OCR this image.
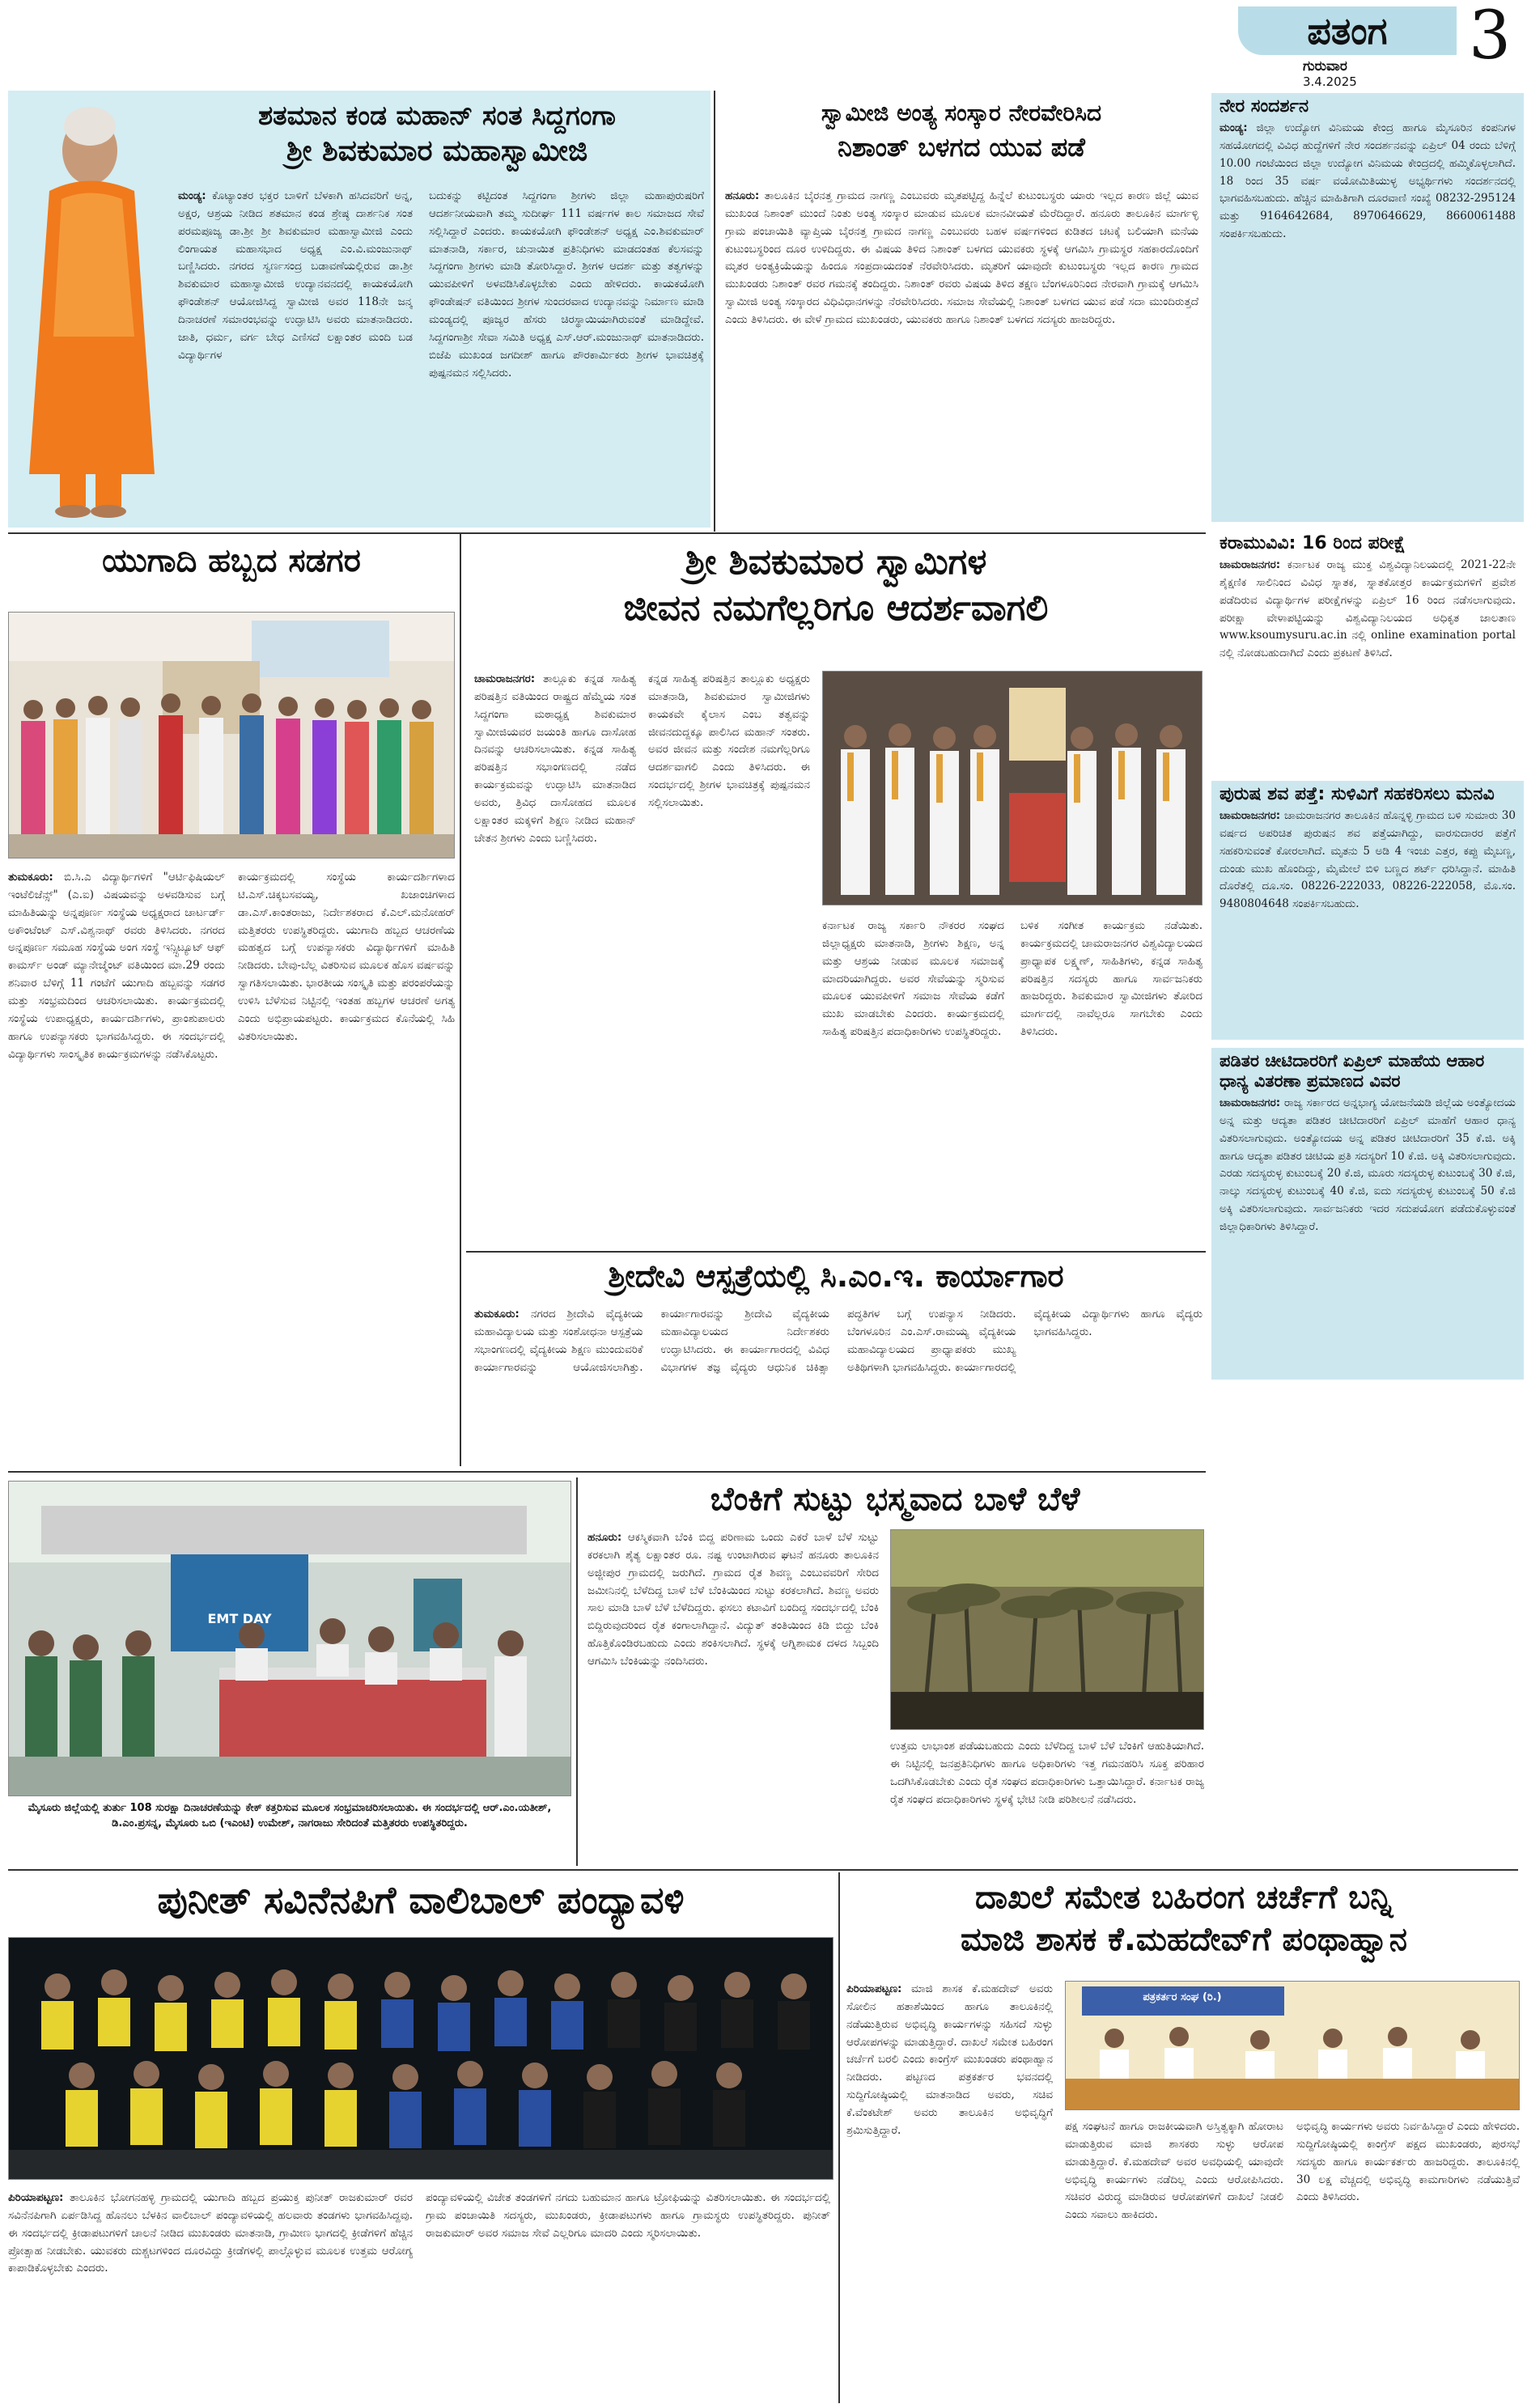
ಪತಂಗ
ಗುರುವಾರ
3.4.2025
3
ಶತಮಾನ ಕಂಡ ಮಹಾನ್ ಸಂತ ಸಿದ್ದಗಂಗಾ
ಶ್ರೀ ಶಿವಕುಮಾರ ಮಹಾಸ್ವಾಮೀಜಿ
ಮಂಡ್ಯ: ಕೊಟ್ಯಾಂತರ ಭಕ್ತರ ಬಾಳಿಗೆ ಬೆಳಕಾಗಿ ಹಸಿದವರಿಗೆ ಅನ್ನ, ಅಕ್ಷರ, ಆಶ್ರಯ ನೀಡಿದ ಶತಮಾನ ಕಂಡ ಶ್ರೇಷ್ಠ ದಾರ್ಶನಿಕ ಸಂತ ಪರಮಪೂಜ್ಯ ಡಾ.ಶ್ರೀ ಶ್ರೀ ಶಿವಕುಮಾರ ಮಹಾಸ್ವಾಮೀಜಿ ಎಂದು ಲಿಂಗಾಯತ ಮಹಾಸಭಾದ ಅಧ್ಯಕ್ಷ ಎಂ.ವಿ.ಮಂಜುನಾಥ್ ಬಣ್ಣಿಸಿದರು. ನಗರದ ಸ್ವರ್ಣಸಂದ್ರ ಬಡಾವಣೆಯಲ್ಲಿರುವ ಡಾ.ಶ್ರೀ ಶಿವಕುಮಾರ ಮಹಾಸ್ವಾಮೀಜಿ ಉದ್ಯಾನವನದಲ್ಲಿ ಕಾಯಕಯೋಗಿ ಫೌಂಡೇಶನ್ ಆಯೋಜಿಸಿದ್ದ ಸ್ವಾಮೀಜಿ ಅವರ 118ನೇ ಜನ್ಮ ದಿನಾಚರಣೆ ಸಮಾರಂಭವನ್ನು ಉದ್ಘಾಟಿಸಿ ಅವರು ಮಾತನಾಡಿದರು. ಜಾತಿ, ಧರ್ಮ, ವರ್ಗ ಬೇಧ ಎಣಿಸದೆ ಲಕ್ಷಾಂತರ ಮಂದಿ ಬಡ ವಿದ್ಯಾರ್ಥಿಗಳ
ಬದುಕನ್ನು ಕಟ್ಟಿದಂತ ಸಿದ್ದಗಂಗಾ ಶ್ರೀಗಳು ಜಿಲ್ಲಾ ಮಹಾಪುರುಷರಿಗೆ ಆದರ್ಶನೀಯವಾಗಿ ತಮ್ಮ ಸುದೀರ್ಘ 111 ವರ್ಷಗಳ ಕಾಲ ಸಮಾಜದ ಸೇವೆ ಸಲ್ಲಿಸಿದ್ದಾರೆ ಎಂದರು. ಕಾಯಕಯೋಗಿ ಫೌಂಡೇಶನ್ ಅಧ್ಯಕ್ಷ ಎಂ.ಶಿವಕುಮಾರ್ ಮಾತನಾಡಿ, ಸರ್ಕಾರ, ಚುನಾಯಿತ ಪ್ರತಿನಿಧಿಗಳು ಮಾಡದಂತಹ ಕೆಲಸವನ್ನು ಸಿದ್ದಗಂಗಾ ಶ್ರೀಗಳು ಮಾಡಿ ತೋರಿಸಿದ್ದಾರೆ. ಶ್ರೀಗಳ ಆದರ್ಶ ಮತ್ತು ತತ್ವಗಳನ್ನು ಯುವಪೀಳಿಗೆ ಅಳವಡಿಸಿಕೊಳ್ಳಬೇಕು ಎಂದು ಹೇಳಿದರು. ಕಾಯಕಯೋಗಿ ಫೌಂಡೇಷನ್ ವತಿಯಿಂದ ಶ್ರೀಗಳ ಸುಂದರವಾದ ಉದ್ಯಾನವನ್ನು ನಿರ್ಮಾಣ ಮಾಡಿ ಮಂಡ್ಯದಲ್ಲಿ ಪೂಜ್ಯರ ಹೆಸರು ಚಿರಸ್ಥಾಯಿಯಾಗಿರುವಂತೆ ಮಾಡಿದ್ದೇವೆ. ಸಿದ್ದಗಂಗಾಶ್ರೀ ಸೇವಾ ಸಮಿತಿ ಅಧ್ಯಕ್ಷ ಎಸ್.ಆರ್.ಮಂಜುನಾಥ್ ಮಾತನಾಡಿದರು. ಬಿಜೆಪಿ ಮುಖಂಡ ಜಗದೀಶ್ ಹಾಗೂ ಪೌರಕಾರ್ಮಿಕರು ಶ್ರೀಗಳ ಭಾವಚಿತ್ರಕ್ಕೆ ಪುಷ್ಪನಮನ ಸಲ್ಲಿಸಿದರು.
ಸ್ವಾಮೀಜಿ ಅಂತ್ಯ ಸಂಸ್ಕಾರ ನೇರವೇರಿಸಿದ
ನಿಶಾಂತ್ ಬಳಗದ ಯುವ ಪಡೆ
ಹನೂರು: ತಾಲೂಕಿನ ಬೈರನತ್ತ ಗ್ರಾಮದ ನಾಗಣ್ಣ ಎಂಬುವರು ಮೃತಪಟ್ಟಿದ್ದ ಹಿನ್ನೆಲೆ ಕುಟುಂಬಸ್ಥರು ಯಾರು ಇಲ್ಲದ ಕಾರಣ ಜಿಲ್ಲೆ ಯುವ ಮುಖಂಡ ನಿಶಾಂತ್ ಮುಂದೆ ನಿಂತು ಅಂತ್ಯ ಸಂಸ್ಕಾರ ಮಾಡುವ ಮೂಲಕ ಮಾನವೀಯತೆ ಮೆರೆದಿದ್ದಾರೆ. ಹನೂರು ತಾಲೂಕಿನ ಮಾರ್ಗಳ್ಳಿ ಗ್ರಾಮ ಪಂಚಾಯಿತಿ ವ್ಯಾಪ್ತಿಯ ಬೈರನತ್ತ ಗ್ರಾಮದ ನಾಗಣ್ಣ ಎಂಬುವರು ಬಹಳ ವರ್ಷಗಳಿಂದ ಕುಡಿತದ ಚಟಕ್ಕೆ ಬಲಿಯಾಗಿ ಮನೆಯ ಕುಟುಂಬಸ್ಥರಿಂದ ದೂರ ಉಳಿದಿದ್ದರು. ಈ ವಿಷಯ ತಿಳಿದ ನಿಶಾಂತ್ ಬಳಗದ ಯುವಕರು ಸ್ಥಳಕ್ಕೆ ಆಗಮಿಸಿ ಗ್ರಾಮಸ್ಥರ ಸಹಕಾರದೊಂದಿಗೆ ಮೃತರ ಅಂತ್ಯಕ್ರಿಯೆಯನ್ನು ಹಿಂದೂ ಸಂಪ್ರದಾಯದಂತೆ ನೆರವೇರಿಸಿದರು. ಮೃತರಿಗೆ ಯಾವುದೇ ಕುಟುಂಬಸ್ಥರು ಇಲ್ಲದ ಕಾರಣ ಗ್ರಾಮದ ಮುಖಂಡರು ನಿಶಾಂತ್ ರವರ ಗಮನಕ್ಕೆ ತಂದಿದ್ದರು. ನಿಶಾಂತ್ ರವರು ವಿಷಯ ತಿಳಿದ ತಕ್ಷಣ ಬೆಂಗಳೂರಿನಿಂದ ನೇರವಾಗಿ ಗ್ರಾಮಕ್ಕೆ ಆಗಮಿಸಿ ಸ್ವಾಮೀಜಿ ಅಂತ್ಯ ಸಂಸ್ಕಾರದ ವಿಧಿವಿಧಾನಗಳನ್ನು ನೆರವೇರಿಸಿದರು. ಸಮಾಜ ಸೇವೆಯಲ್ಲಿ ನಿಶಾಂತ್ ಬಳಗದ ಯುವ ಪಡೆ ಸದಾ ಮುಂದಿರುತ್ತದೆ ಎಂದು ತಿಳಿಸಿದರು. ಈ ವೇಳೆ ಗ್ರಾಮದ ಮುಖಂಡರು, ಯುವಕರು ಹಾಗೂ ನಿಶಾಂತ್ ಬಳಗದ ಸದಸ್ಯರು ಹಾಜರಿದ್ದರು.
ನೇರ ಸಂದರ್ಶನ
ಮಂಡ್ಯ: ಜಿಲ್ಲಾ ಉದ್ಯೋಗ ವಿನಿಮಯ ಕೇಂದ್ರ ಹಾಗೂ ಮೈಸೂರಿನ ಕಂಪನಿಗಳ ಸಹಯೋಗದಲ್ಲಿ ವಿವಿಧ ಹುದ್ದೆಗಳಿಗೆ ನೇರ ಸಂದರ್ಶನವನ್ನು ಏಪ್ರಿಲ್ 04 ರಂದು ಬೆಳಿಗ್ಗೆ 10.00 ಗಂಟೆಯಿಂದ ಜಿಲ್ಲಾ ಉದ್ಯೋಗ ವಿನಿಮಯ ಕೇಂದ್ರದಲ್ಲಿ ಹಮ್ಮಿಕೊಳ್ಳಲಾಗಿದೆ. 18 ರಿಂದ 35 ವರ್ಷ ವಯೋಮಿತಿಯುಳ್ಳ ಅಭ್ಯರ್ಥಿಗಳು ಸಂದರ್ಶನದಲ್ಲಿ ಭಾಗವಹಿಸಬಹುದು. ಹೆಚ್ಚಿನ ಮಾಹಿತಿಗಾಗಿ ದೂರವಾಣಿ ಸಂಖ್ಯೆ 08232-295124 ಮತ್ತು 9164642684, 8970646629, 8660061488 ಸಂಪರ್ಕಿಸಬಹುದು.
ಕರಾಮುವಿವಿ: 16 ರಿಂದ ಪರೀಕ್ಷೆ
ಚಾಮರಾಜನಗರ: ಕರ್ನಾಟಕ ರಾಜ್ಯ ಮುಕ್ತ ವಿಶ್ವವಿದ್ಯಾನಿಲಯದಲ್ಲಿ 2021-22ನೇ ಶೈಕ್ಷಣಿಕ ಸಾಲಿನಿಂದ ವಿವಿಧ ಸ್ನಾತಕ, ಸ್ನಾತಕೋತ್ತರ ಕಾರ್ಯಕ್ರಮಗಳಿಗೆ ಪ್ರವೇಶ ಪಡೆದಿರುವ ವಿದ್ಯಾರ್ಥಿಗಳ ಪರೀಕ್ಷೆಗಳನ್ನು ಏಪ್ರಿಲ್ 16 ರಿಂದ ನಡೆಸಲಾಗುವುದು. ಪರೀಕ್ಷಾ ವೇಳಾಪಟ್ಟಿಯನ್ನು ವಿಶ್ವವಿದ್ಯಾನಿಲಯದ ಅಧಿಕೃತ ಜಾಲತಾಣ www.ksoumysuru.ac.in ನಲ್ಲಿ online examination portal ನಲ್ಲಿ ನೋಡಬಹುದಾಗಿದೆ ಎಂದು ಪ್ರಕಟಣೆ ತಿಳಿಸಿದೆ.
ಪುರುಷ ಶವ ಪತ್ತೆ: ಸುಳಿವಿಗೆ ಸಹಕರಿಸಲು ಮನವಿ
ಚಾಮರಾಜನಗರ: ಚಾಮರಾಜನಗರ ತಾಲೂಕಿನ ಹೊನ್ನಳ್ಳಿ ಗ್ರಾಮದ ಬಳಿ ಸುಮಾರು 30 ವರ್ಷದ ಅಪರಿಚಿತ ಪುರುಷನ ಶವ ಪತ್ತೆಯಾಗಿದ್ದು, ವಾರಸುದಾರರ ಪತ್ತೆಗೆ ಸಹಕರಿಸುವಂತೆ ಕೋರಲಾಗಿದೆ. ಮೃತನು 5 ಅಡಿ 4 ಇಂಚು ಎತ್ತರ, ಕಪ್ಪು ಮೈಬಣ್ಣ, ದುಂಡು ಮುಖ ಹೊಂದಿದ್ದು, ಮೈಮೇಲೆ ಬಿಳಿ ಬಣ್ಣದ ಶರ್ಟ್ ಧರಿಸಿದ್ದಾನೆ. ಮಾಹಿತಿ ದೊರೆತಲ್ಲಿ ದೂ.ಸಂ. 08226-222033, 08226-222058, ಮೊ.ಸಂ. 9480804648 ಸಂಪರ್ಕಿಸಬಹುದು.
ಪಡಿತರ ಚೀಟಿದಾರರಿಗೆ ಏಪ್ರಿಲ್ ಮಾಹೆಯ ಆಹಾರ ಧಾನ್ಯ ವಿತರಣಾ ಪ್ರಮಾಣದ ವಿವರ
ಚಾಮರಾಜನಗರ: ರಾಜ್ಯ ಸರ್ಕಾರದ ಅನ್ನಭಾಗ್ಯ ಯೋಜನೆಯಡಿ ಜಿಲ್ಲೆಯ ಅಂತ್ಯೋದಯ ಅನ್ನ ಮತ್ತು ಆದ್ಯತಾ ಪಡಿತರ ಚೀಟಿದಾರರಿಗೆ ಏಪ್ರಿಲ್ ಮಾಹೆಗೆ ಆಹಾರ ಧಾನ್ಯ ವಿತರಿಸಲಾಗುವುದು. ಅಂತ್ಯೋದಯ ಅನ್ನ ಪಡಿತರ ಚೀಟಿದಾರರಿಗೆ 35 ಕೆ.ಜಿ. ಅಕ್ಕಿ ಹಾಗೂ ಆದ್ಯತಾ ಪಡಿತರ ಚೀಟಿಯ ಪ್ರತಿ ಸದಸ್ಯರಿಗೆ 10 ಕೆ.ಜಿ. ಅಕ್ಕಿ ವಿತರಿಸಲಾಗುವುದು. ಎರಡು ಸದಸ್ಯರುಳ್ಳ ಕುಟುಂಬಕ್ಕೆ 20 ಕೆ.ಜಿ, ಮೂರು ಸದಸ್ಯರುಳ್ಳ ಕುಟುಂಬಕ್ಕೆ 30 ಕೆ.ಜಿ, ನಾಲ್ಕು ಸದಸ್ಯರುಳ್ಳ ಕುಟುಂಬಕ್ಕೆ 40 ಕೆ.ಜಿ, ಐದು ಸದಸ್ಯರುಳ್ಳ ಕುಟುಂಬಕ್ಕೆ 50 ಕೆ.ಜಿ ಅಕ್ಕಿ ವಿತರಿಸಲಾಗುವುದು. ಸಾರ್ವಜನಿಕರು ಇದರ ಸದುಪಯೋಗ ಪಡೆದುಕೊಳ್ಳುವಂತೆ ಜಿಲ್ಲಾಧಿಕಾರಿಗಳು ತಿಳಿಸಿದ್ದಾರೆ.
ಯುಗಾದಿ ಹಬ್ಬದ ಸಡಗರ
ತುಮಕೂರು: ಬಿ.ಸಿ.ಎ ವಿದ್ಯಾರ್ಥಿಗಳಿಗೆ "ಆರ್ಟಿಫಿಷಿಯಲ್ ಇಂಟೆಲಿಜೆನ್ಸ್" (ಎ.ಐ) ವಿಷಯವನ್ನು ಅಳವಡಿಸುವ ಬಗ್ಗೆ ಮಾಹಿತಿಯನ್ನು ಅನ್ನಪೂರ್ಣ ಸಂಸ್ಥೆಯ ಅಧ್ಯಕ್ಷರಾದ ಚಾರ್ಟರ್ಡ್ ಅಕೌಂಟೆಂಟ್ ಎಸ್.ವಿಶ್ವನಾಥ್ ರವರು ತಿಳಿಸಿದರು. ನಗರದ ಅನ್ನಪೂರ್ಣ ಸಮೂಹ ಸಂಸ್ಥೆಯ ಅಂಗ ಸಂಸ್ಥೆ ಇನ್ಸ್ಟಿಟ್ಯೂಟ್ ಆಫ್ ಕಾಮರ್ಸ್ ಅಂಡ್ ಮ್ಯಾನೇಜ್ಮೆಂಟ್ ವತಿಯಿಂದ ಮಾ.29 ರಂದು ಶನಿವಾರ ಬೆಳಿಗ್ಗೆ 11 ಗಂಟೆಗೆ ಯುಗಾದಿ ಹಬ್ಬವನ್ನು ಸಡಗರ ಮತ್ತು ಸಂಭ್ರಮದಿಂದ ಆಚರಿಸಲಾಯಿತು. ಕಾರ್ಯಕ್ರಮದಲ್ಲಿ ಸಂಸ್ಥೆಯ ಉಪಾಧ್ಯಕ್ಷರು, ಕಾರ್ಯದರ್ಶಿಗಳು, ಪ್ರಾಂಶುಪಾಲರು ಹಾಗೂ ಉಪನ್ಯಾಸಕರು ಭಾಗವಹಿಸಿದ್ದರು. ಈ ಸಂದರ್ಭದಲ್ಲಿ ವಿದ್ಯಾರ್ಥಿಗಳು ಸಾಂಸ್ಕೃತಿಕ ಕಾರ್ಯಕ್ರಮಗಳನ್ನು ನಡೆಸಿಕೊಟ್ಟರು.
ಕಾರ್ಯಕ್ರಮದಲ್ಲಿ ಸಂಸ್ಥೆಯ ಕಾರ್ಯದರ್ಶಿಗಳಾದ ಟಿ.ಎಸ್.ಚಿಕ್ಕಬಸವಯ್ಯ, ಖಜಾಂಚಿಗಳಾದ ಡಾ.ಎಸ್.ಕಾಂತರಾಜು, ನಿರ್ದೇಶಕರಾದ ಕೆ.ಎಲ್.ಮನೋಹರ್ ಮತ್ತಿತರರು ಉಪಸ್ಥಿತರಿದ್ದರು. ಯುಗಾದಿ ಹಬ್ಬದ ಆಚರಣೆಯ ಮಹತ್ವದ ಬಗ್ಗೆ ಉಪನ್ಯಾಸಕರು ವಿದ್ಯಾರ್ಥಿಗಳಿಗೆ ಮಾಹಿತಿ ನೀಡಿದರು. ಬೇವು-ಬೆಲ್ಲ ವಿತರಿಸುವ ಮೂಲಕ ಹೊಸ ವರ್ಷವನ್ನು ಸ್ವಾಗತಿಸಲಾಯಿತು. ಭಾರತೀಯ ಸಂಸ್ಕೃತಿ ಮತ್ತು ಪರಂಪರೆಯನ್ನು ಉಳಿಸಿ ಬೆಳೆಸುವ ನಿಟ್ಟಿನಲ್ಲಿ ಇಂತಹ ಹಬ್ಬಗಳ ಆಚರಣೆ ಅಗತ್ಯ ಎಂದು ಅಭಿಪ್ರಾಯಪಟ್ಟರು. ಕಾರ್ಯಕ್ರಮದ ಕೊನೆಯಲ್ಲಿ ಸಿಹಿ ವಿತರಿಸಲಾಯಿತು.
ಶ್ರೀ ಶಿವಕುಮಾರ ಸ್ವಾಮಿಗಳ
ಜೀವನ ನಮಗೆಲ್ಲರಿಗೂ ಆದರ್ಶವಾಗಲಿ
ಚಾಮರಾಜನಗರ: ತಾಲ್ಲೂಕು ಕನ್ನಡ ಸಾಹಿತ್ಯ ಪರಿಷತ್ತಿನ ವತಿಯಿಂದ ರಾಷ್ಟ್ರದ ಹೆಮ್ಮೆಯ ಸಂತ ಸಿದ್ದಗಂಗಾ ಮಠಾಧ್ಯಕ್ಷ ಶಿವಕುಮಾರ ಸ್ವಾಮೀಜಿಯವರ ಜಯಂತಿ ಹಾಗೂ ದಾಸೋಹ ದಿನವನ್ನು ಆಚರಿಸಲಾಯಿತು. ಕನ್ನಡ ಸಾಹಿತ್ಯ ಪರಿಷತ್ತಿನ ಸಭಾಂಗಣದಲ್ಲಿ ನಡೆದ ಕಾರ್ಯಕ್ರಮವನ್ನು ಉದ್ಘಾಟಿಸಿ ಮಾತನಾಡಿದ ಅವರು, ತ್ರಿವಿಧ ದಾಸೋಹದ ಮೂಲಕ ಲಕ್ಷಾಂತರ ಮಕ್ಕಳಿಗೆ ಶಿಕ್ಷಣ ನೀಡಿದ ಮಹಾನ್ ಚೇತನ ಶ್ರೀಗಳು ಎಂದು ಬಣ್ಣಿಸಿದರು.
ಕನ್ನಡ ಸಾಹಿತ್ಯ ಪರಿಷತ್ತಿನ ತಾಲ್ಲೂಕು ಅಧ್ಯಕ್ಷರು ಮಾತನಾಡಿ, ಶಿವಕುಮಾರ ಸ್ವಾಮೀಜಿಗಳು ಕಾಯಕವೇ ಕೈಲಾಸ ಎಂಬ ತತ್ವವನ್ನು ಜೀವನದುದ್ದಕ್ಕೂ ಪಾಲಿಸಿದ ಮಹಾನ್ ಸಂತರು. ಅವರ ಜೀವನ ಮತ್ತು ಸಂದೇಶ ನಮಗೆಲ್ಲರಿಗೂ ಆದರ್ಶವಾಗಲಿ ಎಂದು ತಿಳಿಸಿದರು. ಈ ಸಂದರ್ಭದಲ್ಲಿ ಶ್ರೀಗಳ ಭಾವಚಿತ್ರಕ್ಕೆ ಪುಷ್ಪನಮನ ಸಲ್ಲಿಸಲಾಯಿತು.
ಕರ್ನಾಟಕ ರಾಜ್ಯ ಸರ್ಕಾರಿ ನೌಕರರ ಸಂಘದ ಜಿಲ್ಲಾಧ್ಯಕ್ಷರು ಮಾತನಾಡಿ, ಶ್ರೀಗಳು ಶಿಕ್ಷಣ, ಅನ್ನ ಮತ್ತು ಆಶ್ರಯ ನೀಡುವ ಮೂಲಕ ಸಮಾಜಕ್ಕೆ ಮಾದರಿಯಾಗಿದ್ದರು. ಅವರ ಸೇವೆಯನ್ನು ಸ್ಮರಿಸುವ ಮೂಲಕ ಯುವಪೀಳಿಗೆ ಸಮಾಜ ಸೇವೆಯ ಕಡೆಗೆ ಮುಖ ಮಾಡಬೇಕು ಎಂದರು. ಕಾರ್ಯಕ್ರಮದಲ್ಲಿ ಸಾಹಿತ್ಯ ಪರಿಷತ್ತಿನ ಪದಾಧಿಕಾರಿಗಳು ಉಪಸ್ಥಿತರಿದ್ದರು.
ಬಳಿಕ ಸಂಗೀತ ಕಾರ್ಯಕ್ರಮ ನಡೆಯಿತು. ಕಾರ್ಯಕ್ರಮದಲ್ಲಿ ಚಾಮರಾಜನಗರ ವಿಶ್ವವಿದ್ಯಾಲಯದ ಪ್ರಾಧ್ಯಾಪಕ ಲಕ್ಷ್ಮಣ್, ಸಾಹಿತಿಗಳು, ಕನ್ನಡ ಸಾಹಿತ್ಯ ಪರಿಷತ್ತಿನ ಸದಸ್ಯರು ಹಾಗೂ ಸಾರ್ವಜನಿಕರು ಹಾಜರಿದ್ದರು. ಶಿವಕುಮಾರ ಸ್ವಾಮೀಜಿಗಳು ತೋರಿದ ಮಾರ್ಗದಲ್ಲಿ ನಾವೆಲ್ಲರೂ ಸಾಗಬೇಕು ಎಂದು ತಿಳಿಸಿದರು.
ಶ್ರೀದೇವಿ ಆಸ್ಪತ್ರೆಯಲ್ಲಿ ಸಿ.ಎಂ.ಇ. ಕಾರ್ಯಾಗಾರ
ತುಮಕೂರು: ನಗರದ ಶ್ರೀದೇವಿ ವೈದ್ಯಕೀಯ ಮಹಾವಿದ್ಯಾಲಯ ಮತ್ತು ಸಂಶೋಧನಾ ಆಸ್ಪತ್ರೆಯ ಸಭಾಂಗಣದಲ್ಲಿ ವೈದ್ಯಕೀಯ ಶಿಕ್ಷಣ ಮುಂದುವರಿಕೆ ಕಾರ್ಯಾಗಾರವನ್ನು ಆಯೋಜಿಸಲಾಗಿತ್ತು. ಕಾರ್ಯಾಗಾರವನ್ನು ಶ್ರೀದೇವಿ ವೈದ್ಯಕೀಯ ಮಹಾವಿದ್ಯಾಲಯದ ನಿರ್ದೇಶಕರು ಉದ್ಘಾಟಿಸಿದರು. ಈ ಕಾರ್ಯಾಗಾರದಲ್ಲಿ ವಿವಿಧ ವಿಭಾಗಗಳ ತಜ್ಞ ವೈದ್ಯರು ಆಧುನಿಕ ಚಿಕಿತ್ಸಾ ಪದ್ಧತಿಗಳ ಬಗ್ಗೆ ಉಪನ್ಯಾಸ ನೀಡಿದರು. ಬೆಂಗಳೂರಿನ ಎಂ.ಎಸ್.ರಾಮಯ್ಯ ವೈದ್ಯಕೀಯ ಮಹಾವಿದ್ಯಾಲಯದ ಪ್ರಾಧ್ಯಾಪಕರು ಮುಖ್ಯ ಅತಿಥಿಗಳಾಗಿ ಭಾಗವಹಿಸಿದ್ದರು. ಕಾರ್ಯಾಗಾರದಲ್ಲಿ ವೈದ್ಯಕೀಯ ವಿದ್ಯಾರ್ಥಿಗಳು ಹಾಗೂ ವೈದ್ಯರು ಭಾಗವಹಿಸಿದ್ದರು.
EMT DAY
ಮೈಸೂರು ಜಿಲ್ಲೆಯಲ್ಲಿ ತುರ್ತು 108 ಸುರಕ್ಷಾ ದಿನಾಚರಣೆಯನ್ನು ಕೇಕ್ ಕತ್ತರಿಸುವ ಮೂಲಕ ಸಂಭ್ರಮಾಚರಿಸಲಾಯಿತು. ಈ ಸಂದರ್ಭದಲ್ಲಿ ಆರ್.ಎಂ.ಯತೀಶ್, ಡಿ.ಎಂ.ಪ್ರಸನ್ನ, ಮೈಸೂರು ಒಬಿ (ಇಎಂಟಿ) ಉಮೇಶ್, ನಾಗರಾಜು ಸೇರಿದಂತೆ ಮತ್ತಿತರರು ಉಪಸ್ಥಿತರಿದ್ದರು.
ಬೆಂಕಿಗೆ ಸುಟ್ಟು ಭಸ್ಮವಾದ ಬಾಳೆ ಬೆಳೆ
ಹನೂರು: ಆಕಸ್ಮಿಕವಾಗಿ ಬೆಂಕಿ ಬಿದ್ದ ಪರಿಣಾಮ ಒಂದು ಎಕರೆ ಬಾಳೆ ಬೆಳೆ ಸುಟ್ಟು ಕರಕಲಾಗಿ ಶೈತ್ಯ ಲಕ್ಷಾಂತರ ರೂ. ನಷ್ಟ ಉಂಟಾಗಿರುವ ಘಟನೆ ಹನೂರು ತಾಲೂಕಿನ ಅಜ್ಜೀಪುರ ಗ್ರಾಮದಲ್ಲಿ ಜರುಗಿದೆ. ಗ್ರಾಮದ ರೈತ ಶಿವಣ್ಣ ಎಂಬುವವರಿಗೆ ಸೇರಿದ ಜಮೀನಿನಲ್ಲಿ ಬೆಳೆದಿದ್ದ ಬಾಳೆ ಬೆಳೆ ಬೆಂಕಿಯಿಂದ ಸುಟ್ಟು ಕರಕಲಾಗಿದೆ. ಶಿವಣ್ಣ ಅವರು ಸಾಲ ಮಾಡಿ ಬಾಳೆ ಬೆಳೆ ಬೆಳೆದಿದ್ದರು. ಫಸಲು ಕಟಾವಿಗೆ ಬಂದಿದ್ದ ಸಂದರ್ಭದಲ್ಲಿ ಬೆಂಕಿ ಬಿದ್ದಿರುವುದರಿಂದ ರೈತ ಕಂಗಾಲಾಗಿದ್ದಾನೆ. ವಿದ್ಯುತ್ ತಂತಿಯಿಂದ ಕಿಡಿ ಬಿದ್ದು ಬೆಂಕಿ ಹೊತ್ತಿಕೊಂಡಿರಬಹುದು ಎಂದು ಶಂಕಿಸಲಾಗಿದೆ. ಸ್ಥಳಕ್ಕೆ ಅಗ್ನಿಶಾಮಕ ದಳದ ಸಿಬ್ಬಂದಿ ಆಗಮಿಸಿ ಬೆಂಕಿಯನ್ನು ನಂದಿಸಿದರು.
ಉತ್ತಮ ಲಾಭಾಂಶ ಪಡೆಯಬಹುದು ಎಂದು ಬೆಳೆದಿದ್ದ ಬಾಳೆ ಬೆಳೆ ಬೆಂಕಿಗೆ ಆಹುತಿಯಾಗಿದೆ. ಈ ನಿಟ್ಟಿನಲ್ಲಿ ಜನಪ್ರತಿನಿಧಿಗಳು ಹಾಗೂ ಅಧಿಕಾರಿಗಳು ಇತ್ತ ಗಮನಹರಿಸಿ ಸೂಕ್ತ ಪರಿಹಾರ ಒದಗಿಸಿಕೊಡಬೇಕು ಎಂದು ರೈತ ಸಂಘದ ಪದಾಧಿಕಾರಿಗಳು ಒತ್ತಾಯಿಸಿದ್ದಾರೆ. ಕರ್ನಾಟಕ ರಾಜ್ಯ ರೈತ ಸಂಘದ ಪದಾಧಿಕಾರಿಗಳು ಸ್ಥಳಕ್ಕೆ ಭೇಟಿ ನೀಡಿ ಪರಿಶೀಲನೆ ನಡೆಸಿದರು.
ಪುನೀತ್ ಸವಿನೆನಪಿಗೆ ವಾಲಿಬಾಲ್ ಪಂದ್ಯಾವಳಿ
ಪಿರಿಯಾಪಟ್ಟಣ: ತಾಲೂಕಿನ ಭೋಗನಹಳ್ಳಿ ಗ್ರಾಮದಲ್ಲಿ ಯುಗಾದಿ ಹಬ್ಬದ ಪ್ರಯುಕ್ತ ಪುನೀತ್ ರಾಜಕುಮಾರ್ ರವರ ಸವಿನೆನಪಿಗಾಗಿ ಏರ್ಪಡಿಸಿದ್ದ ಹೊನಲು ಬೆಳಕಿನ ವಾಲಿಬಾಲ್ ಪಂದ್ಯಾವಳಿಯಲ್ಲಿ ಹಲವಾರು ತಂಡಗಳು ಭಾಗವಹಿಸಿದ್ದವು. ಈ ಸಂದರ್ಭದಲ್ಲಿ ಕ್ರೀಡಾಪಟುಗಳಿಗೆ ಚಾಲನೆ ನೀಡಿದ ಮುಖಂಡರು ಮಾತನಾಡಿ, ಗ್ರಾಮೀಣ ಭಾಗದಲ್ಲಿ ಕ್ರೀಡೆಗಳಿಗೆ ಹೆಚ್ಚಿನ ಪ್ರೋತ್ಸಾಹ ನೀಡಬೇಕು. ಯುವಕರು ದುಶ್ಚಟಗಳಿಂದ ದೂರವಿದ್ದು ಕ್ರೀಡೆಗಳಲ್ಲಿ ಪಾಲ್ಗೊಳ್ಳುವ ಮೂಲಕ ಉತ್ತಮ ಆರೋಗ್ಯ ಕಾಪಾಡಿಕೊಳ್ಳಬೇಕು ಎಂದರು.
ಪಂದ್ಯಾವಳಿಯಲ್ಲಿ ವಿಜೇತ ತಂಡಗಳಿಗೆ ನಗದು ಬಹುಮಾನ ಹಾಗೂ ಟ್ರೋಫಿಯನ್ನು ವಿತರಿಸಲಾಯಿತು. ಈ ಸಂದರ್ಭದಲ್ಲಿ ಗ್ರಾಮ ಪಂಚಾಯಿತಿ ಸದಸ್ಯರು, ಮುಖಂಡರು, ಕ್ರೀಡಾಪಟುಗಳು ಹಾಗೂ ಗ್ರಾಮಸ್ಥರು ಉಪಸ್ಥಿತರಿದ್ದರು. ಪುನೀತ್ ರಾಜಕುಮಾರ್ ಅವರ ಸಮಾಜ ಸೇವೆ ಎಲ್ಲರಿಗೂ ಮಾದರಿ ಎಂದು ಸ್ಮರಿಸಲಾಯಿತು.
ದಾಖಲೆ ಸಮೇತ ಬಹಿರಂಗ ಚರ್ಚೆಗೆ ಬನ್ನಿ
ಮಾಜಿ ಶಾಸಕ ಕೆ.ಮಹದೇವ್‌ಗೆ ಪಂಥಾಹ್ವಾನ
ಪಿರಿಯಾಪಟ್ಟಣ: ಮಾಜಿ ಶಾಸಕ ಕೆ.ಮಹದೇವ್ ಅವರು ಸೋಲಿನ ಹತಾಶೆಯಿಂದ ಹಾಗೂ ತಾಲೂಕಿನಲ್ಲಿ ನಡೆಯುತ್ತಿರುವ ಅಭಿವೃದ್ಧಿ ಕಾರ್ಯಗಳನ್ನು ಸಹಿಸದೆ ಸುಳ್ಳು ಆರೋಪಗಳನ್ನು ಮಾಡುತ್ತಿದ್ದಾರೆ. ದಾಖಲೆ ಸಮೇತ ಬಹಿರಂಗ ಚರ್ಚೆಗೆ ಬರಲಿ ಎಂದು ಕಾಂಗ್ರೆಸ್ ಮುಖಂಡರು ಪಂಥಾಹ್ವಾನ ನೀಡಿದರು. ಪಟ್ಟಣದ ಪತ್ರಕರ್ತರ ಭವನದಲ್ಲಿ ಸುದ್ದಿಗೋಷ್ಠಿಯಲ್ಲಿ ಮಾತನಾಡಿದ ಅವರು, ಸಚಿವ ಕೆ.ವೆಂಕಟೇಶ್ ಅವರು ತಾಲೂಕಿನ ಅಭಿವೃದ್ಧಿಗೆ ಶ್ರಮಿಸುತ್ತಿದ್ದಾರೆ.
ಪತ್ರಕರ್ತರ ಸಂಘ (ರಿ.)
ಪಕ್ಷ ಸಂಘಟನೆ ಹಾಗೂ ರಾಜಕೀಯವಾಗಿ ಅಸ್ತಿತ್ವಕ್ಕಾಗಿ ಹೋರಾಟ ಮಾಡುತ್ತಿರುವ ಮಾಜಿ ಶಾಸಕರು ಸುಳ್ಳು ಆರೋಪ ಮಾಡುತ್ತಿದ್ದಾರೆ. ಕೆ.ಮಹದೇವ್ ಅವರ ಅವಧಿಯಲ್ಲಿ ಯಾವುದೇ ಅಭಿವೃದ್ಧಿ ಕಾರ್ಯಗಳು ನಡೆದಿಲ್ಲ ಎಂದು ಆರೋಪಿಸಿದರು. ಸಚಿವರ ವಿರುದ್ಧ ಮಾಡಿರುವ ಆರೋಪಗಳಿಗೆ ದಾಖಲೆ ನೀಡಲಿ ಎಂದು ಸವಾಲು ಹಾಕಿದರು.
ಅಭಿವೃದ್ಧಿ ಕಾರ್ಯಗಳು ಅವರು ನಿರ್ವಹಿಸಿದ್ದಾರೆ ಎಂದು ಹೇಳಿದರು. ಸುದ್ದಿಗೋಷ್ಠಿಯಲ್ಲಿ ಕಾಂಗ್ರೆಸ್ ಪಕ್ಷದ ಮುಖಂಡರು, ಪುರಸಭೆ ಸದಸ್ಯರು ಹಾಗೂ ಕಾರ್ಯಕರ್ತರು ಹಾಜರಿದ್ದರು. ತಾಲೂಕಿನಲ್ಲಿ 30 ಲಕ್ಷ ವೆಚ್ಚದಲ್ಲಿ ಅಭಿವೃದ್ಧಿ ಕಾಮಗಾರಿಗಳು ನಡೆಯುತ್ತಿವೆ ಎಂದು ತಿಳಿಸಿದರು.
